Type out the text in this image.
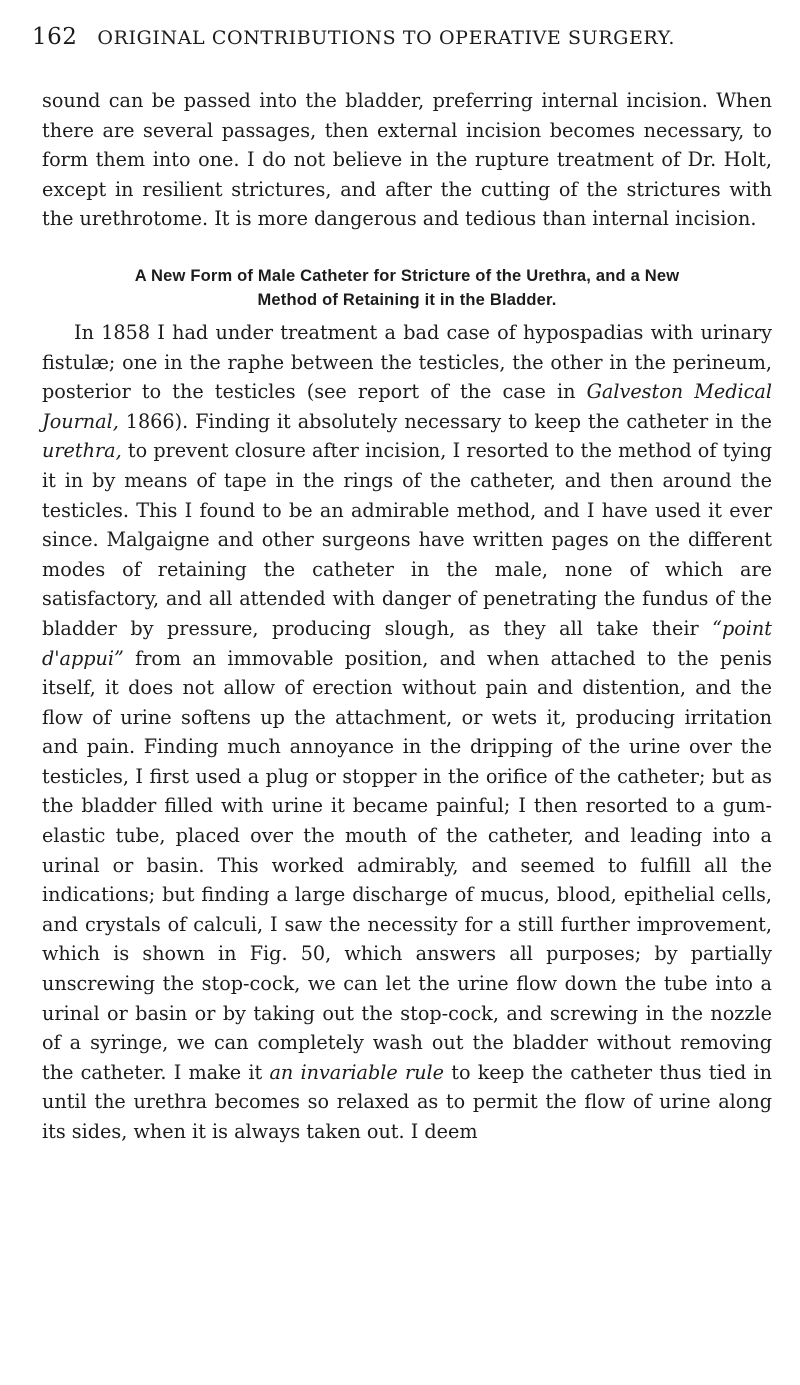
162 ORIGINAL CONTRIBUTIONS TO OPERATIVE SURGERY.

sound can be passed into the bladder, preferring internal incision. When there are several passages, then external incision becomes necessary, to form them into one. I do not believe in the rupture treatment of Dr. Holt, except in resilient strictures, and after the cutting of the strictures with the urethrotome. It is more dangerous and tedious than internal incision.

A New Form of Male Catheter for Stricture of the Urethra, and a New
Method of Retaining it in the Bladder.

In 1858 I had under treatment a bad case of hypospadias with urinary fistulæ; one in the raphe between the testicles, the other in the perineum, posterior to the testicles (see report of the case in Galveston Medical Journal, 1866). Finding it absolutely necessary to keep the catheter in the urethra, to prevent closure after incision, I resorted to the method of tying it in by means of tape in the rings of the catheter, and then around the testicles. This I found to be an admirable method, and I have used it ever since. Malgaigne and other surgeons have written pages on the different modes of retaining the catheter in the male, none of which are satisfactory, and all attended with danger of penetrating the fundus of the bladder by pressure, producing slough, as they all take their “point d'appui” from an immovable position, and when attached to the penis itself, it does not allow of erection without pain and distention, and the flow of urine softens up the attachment, or wets it, producing irritation and pain. Finding much annoyance in the dripping of the urine over the testicles, I first used a plug or stopper in the orifice of the catheter; but as the bladder filled with urine it became painful; I then resorted to a gum-elastic tube, placed over the mouth of the catheter, and leading into a urinal or basin. This worked admirably, and seemed to fulfill all the indications; but finding a large discharge of mucus, blood, epithelial cells, and crystals of calculi, I saw the necessity for a still further improvement, which is shown in Fig. 50, which answers all purposes; by partially unscrewing the stop-cock, we can let the urine flow down the tube into a urinal or basin or by taking out the stop-cock, and screwing in the nozzle of a syringe, we can completely wash out the bladder without removing the catheter. I make it an invariable rule to keep the catheter thus tied in until the urethra becomes so relaxed as to permit the flow of urine along its sides, when it is always taken out. I deem
